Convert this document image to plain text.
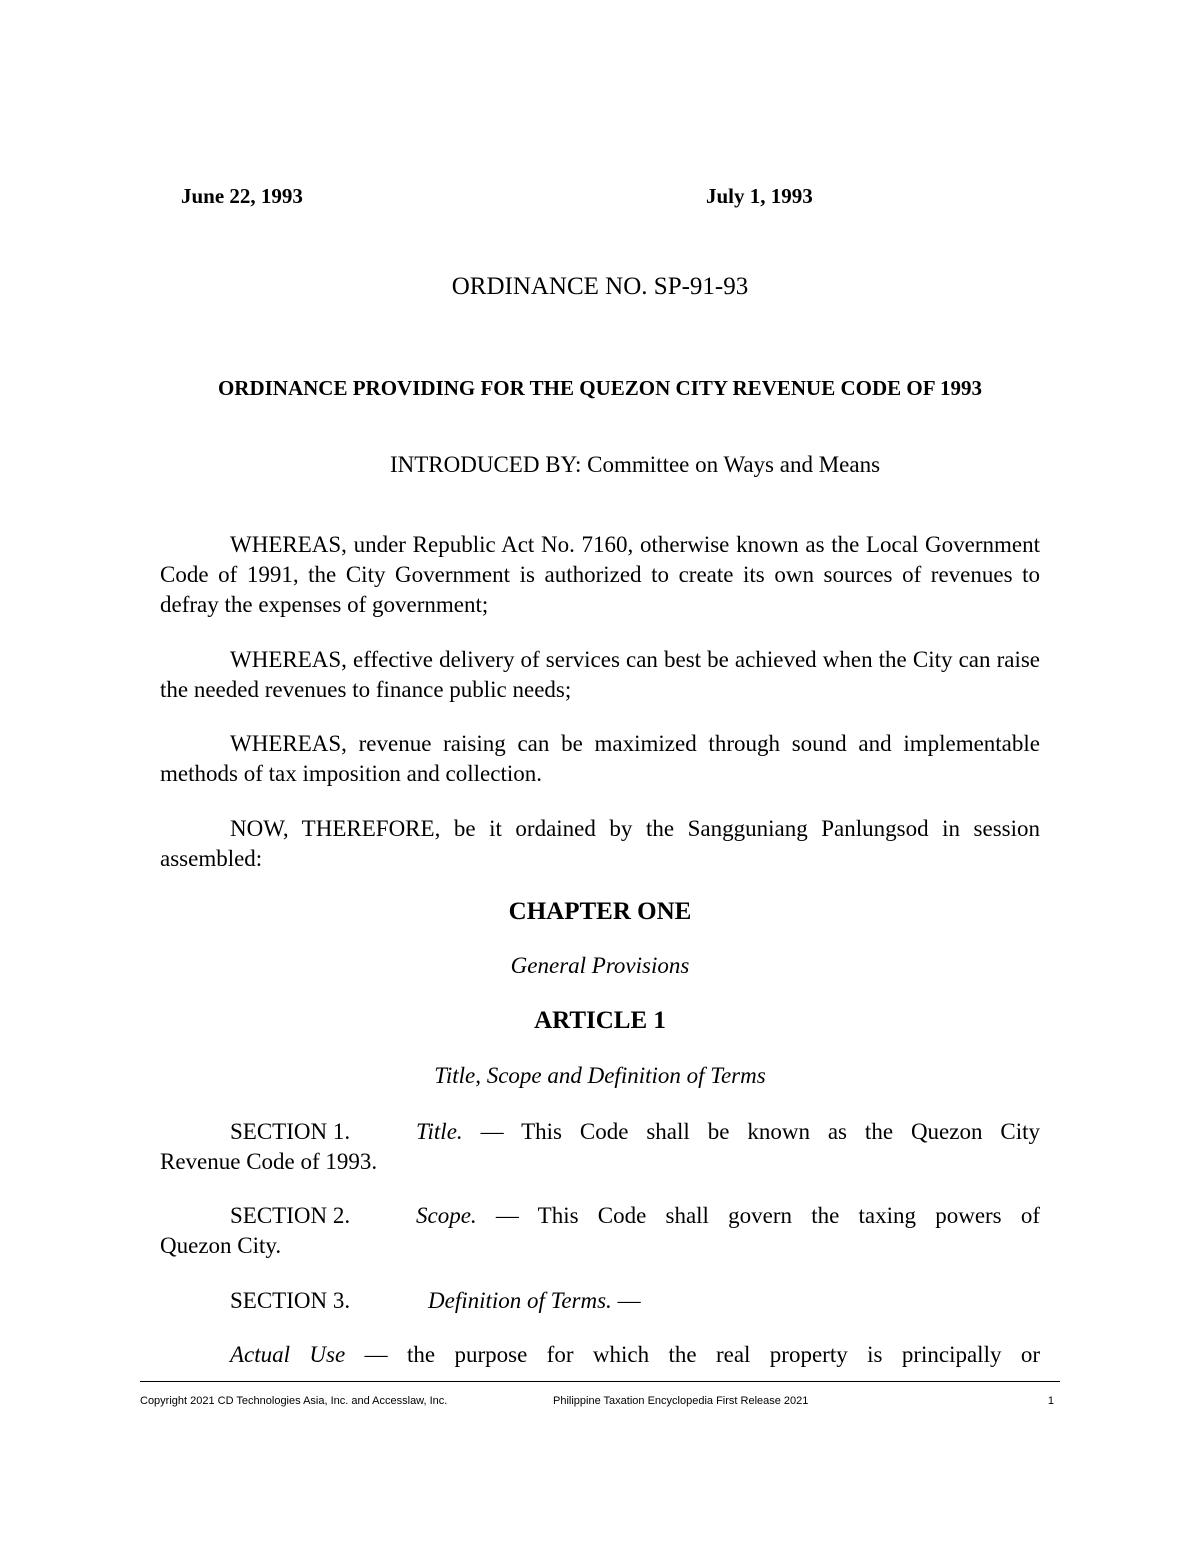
June 22, 1993	July 1, 1993
ORDINANCE NO. SP-91-93
ORDINANCE PROVIDING FOR THE QUEZON CITY REVENUE CODE OF 1993
INTRODUCED BY: Committee on Ways and Means
WHEREAS, under Republic Act No. 7160, otherwise known as the Local Government Code of 1991, the City Government is authorized to create its own sources of revenues to defray the expenses of government;
WHEREAS, effective delivery of services can best be achieved when the City can raise the needed revenues to finance public needs;
WHEREAS, revenue raising can be maximized through sound and implementable methods of tax imposition and collection.
NOW, THEREFORE, be it ordained by the Sangguniang Panlungsod in session assembled:
CHAPTER ONE
General Provisions
ARTICLE 1
Title, Scope and Definition of Terms
SECTION 1.	Title. — This Code shall be known as the Quezon City
Revenue Code of 1993.
SECTION 2.	Scope. — This Code shall govern the taxing powers of
Quezon City.
SECTION 3.	Definition of Terms. —
Actual Use — the purpose for which the real property is principally or
Copyright 2021 CD Technologies Asia, Inc. and Accesslaw, Inc.	Philippine Taxation Encyclopedia First Release 2021	1
